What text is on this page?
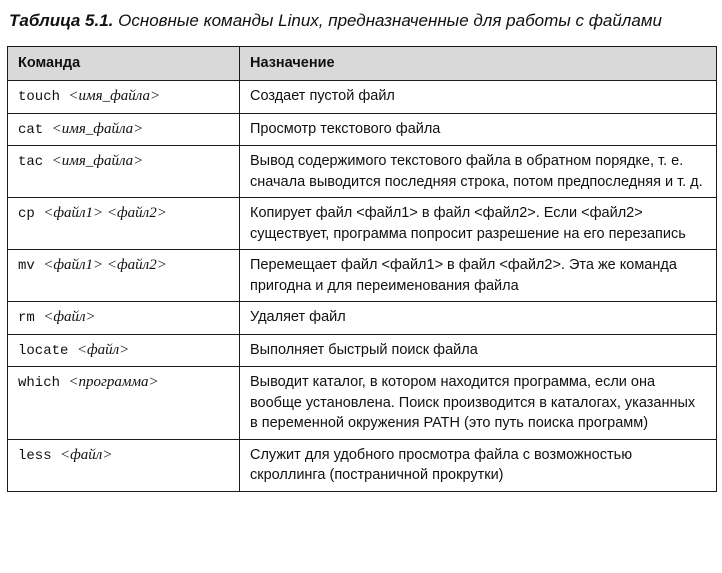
Таблица 5.1. Основные команды Linux, предназначенные для работы с файлами
Команда	Назначение
touch <имя_файла>	Создает пустой файл
cat <имя_файла>	Просмотр текстового файла
tac <имя_файла>	Вывод содержимого текстового файла в обратном порядке, т. е. сначала выводится последняя строка, потом предпоследняя и т. д.
cp <файл1> <файл2>	Копирует файл <файл1> в файл <файл2>. Если <файл2> существует, программа попросит разрешение на его перезапись
mv <файл1> <файл2>	Перемещает файл <файл1> в файл <файл2>. Эта же команда пригодна и для переименования файла
rm <файл>	Удаляет файл
locate <файл>	Выполняет быстрый поиск файла
which <программа>	Выводит каталог, в котором находится программа, если она вообще установлена. Поиск производится в каталогах, указанных в переменной окружения PATH (это путь поиска программ)
less <файл>	Служит для удобного просмотра файла с возможностью скроллинга (постраничной прокрутки)
